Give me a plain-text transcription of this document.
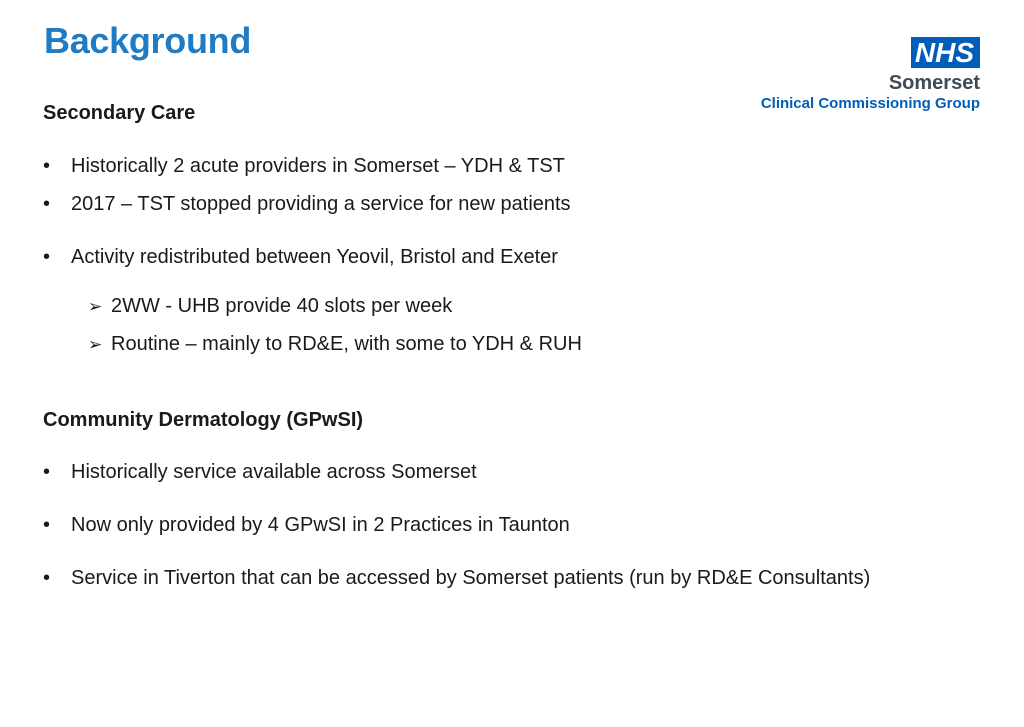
Background	NHS
Somerset
Clinical Commissioning Group
Secondary Care
• Historically 2 acute providers in Somerset – YDH & TST
• 2017 – TST stopped providing a service for new patients
• Activity redistributed between Yeovil, Bristol and Exeter
➢ 2WW - UHB provide 40 slots per week
➢ Routine – mainly to RD&E, with some to YDH & RUH
Community Dermatology (GPwSI)
• Historically service available across Somerset
• Now only provided by 4 GPwSI in 2 Practices in Taunton
• Service in Tiverton that can be accessed by Somerset patients (run by RD&E Consultants)
